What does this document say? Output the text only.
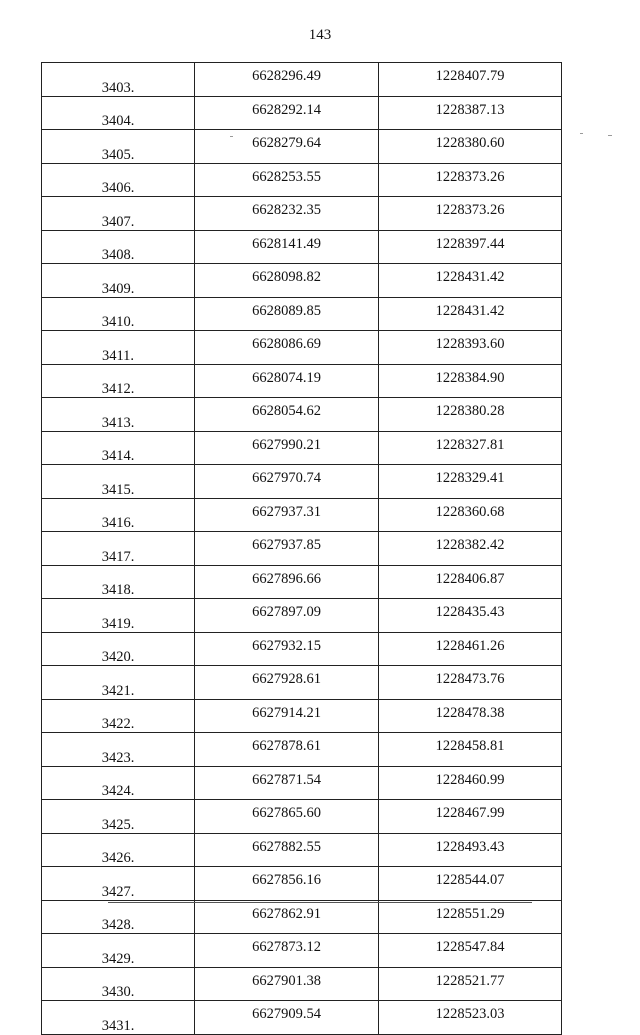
143
3403.	6628296.49	1228407.79
3404.	6628292.14	1228387.13
3405.	6628279.64	1228380.60
3406.	6628253.55	1228373.26
3407.	6628232.35	1228373.26
3408.	6628141.49	1228397.44
3409.	6628098.82	1228431.42
3410.	6628089.85	1228431.42
3411.	6628086.69	1228393.60
3412.	6628074.19	1228384.90
3413.	6628054.62	1228380.28
3414.	6627990.21	1228327.81
3415.	6627970.74	1228329.41
3416.	6627937.31	1228360.68
3417.	6627937.85	1228382.42
3418.	6627896.66	1228406.87
3419.	6627897.09	1228435.43
3420.	6627932.15	1228461.26
3421.	6627928.61	1228473.76
3422.	6627914.21	1228478.38
3423.	6627878.61	1228458.81
3424.	6627871.54	1228460.99
3425.	6627865.60	1228467.99
3426.	6627882.55	1228493.43
3427.	6627856.16	1228544.07
3428.	6627862.91	1228551.29
3429.	6627873.12	1228547.84
3430.	6627901.38	1228521.77
3431.	6627909.54	1228523.03
